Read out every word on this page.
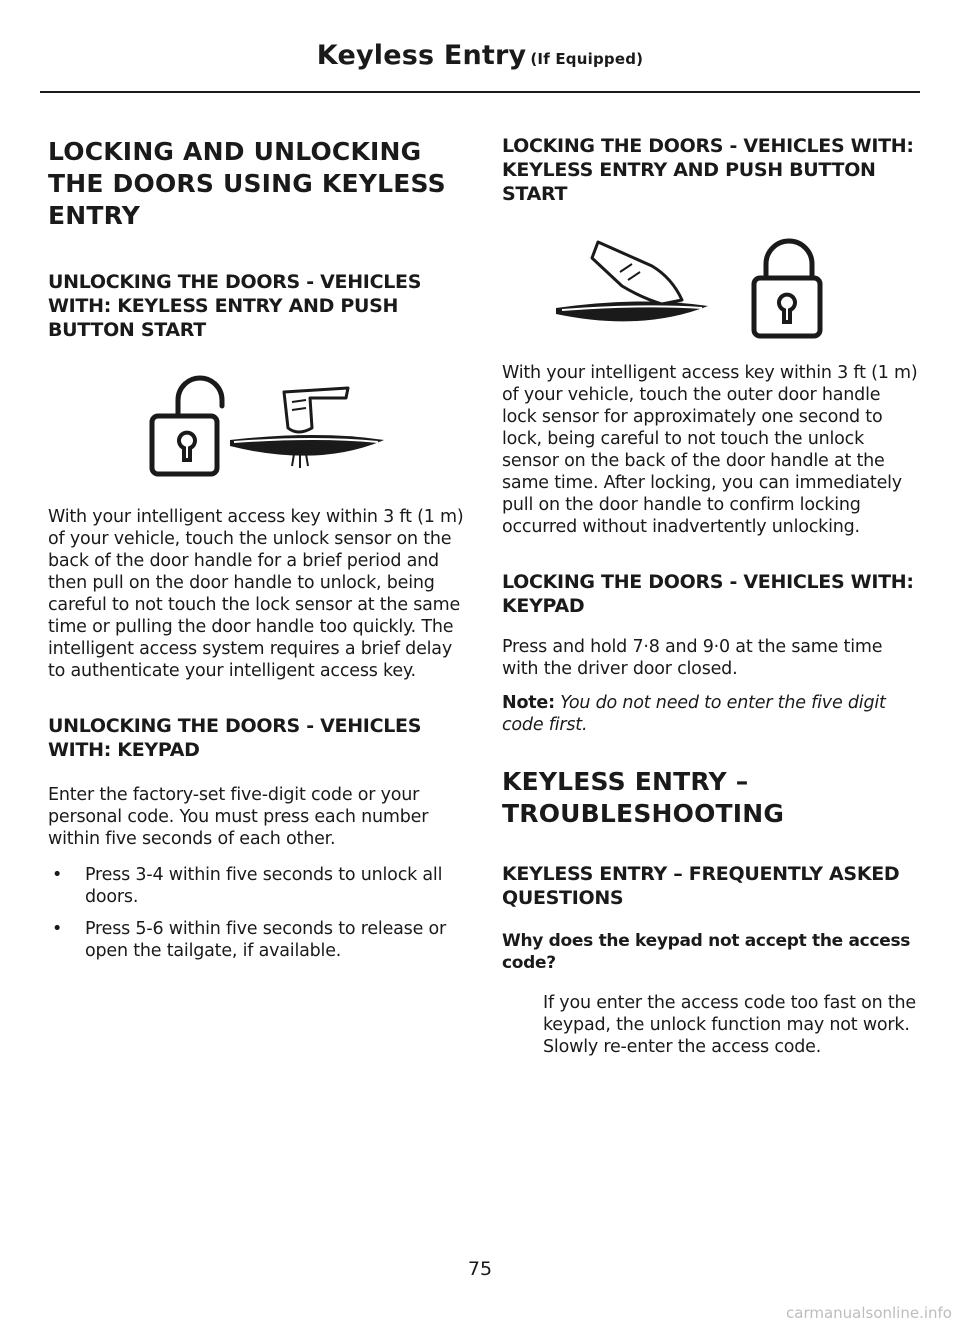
Keyless Entry (If Equipped)
LOCKING AND UNLOCKING THE DOORS USING KEYLESS ENTRY
UNLOCKING THE DOORS - VEHICLES WITH: KEYLESS ENTRY AND PUSH BUTTON START

With your intelligent access key within 3 ft (1 m) of your vehicle, touch the unlock sensor on the back of the door handle for a brief period and then pull on the door handle to unlock, being careful to not touch the lock sensor at the same time or pulling the door handle too quickly. The intelligent access system requires a brief delay to authenticate your intelligent access key.

UNLOCKING THE DOORS - VEHICLES WITH: KEYPAD

Enter the factory-set five-digit code or your personal code. You must press each number within five seconds of each other.

• Press 3-4 within five seconds to unlock all doors.
• Press 5-6 within five seconds to release or open the tailgate, if available.
LOCKING THE DOORS - VEHICLES WITH: KEYLESS ENTRY AND PUSH BUTTON START

With your intelligent access key within 3 ft (1 m) of your vehicle, touch the outer door handle lock sensor for approximately one second to lock, being careful to not touch the unlock sensor on the back of the door handle at the same time. After locking, you can immediately pull on the door handle to confirm locking occurred without inadvertently unlocking.

LOCKING THE DOORS - VEHICLES WITH: KEYPAD

Press and hold 7·8 and 9·0 at the same time with the driver door closed.

Note: You do not need to enter the five digit code first.

KEYLESS ENTRY – TROUBLESHOOTING
KEYLESS ENTRY – FREQUENTLY ASKED QUESTIONS
Why does the keypad not accept the access code?

If you enter the access code too fast on the keypad, the unlock function may not work. Slowly re-enter the access code.

75
carmanualsonline.info
